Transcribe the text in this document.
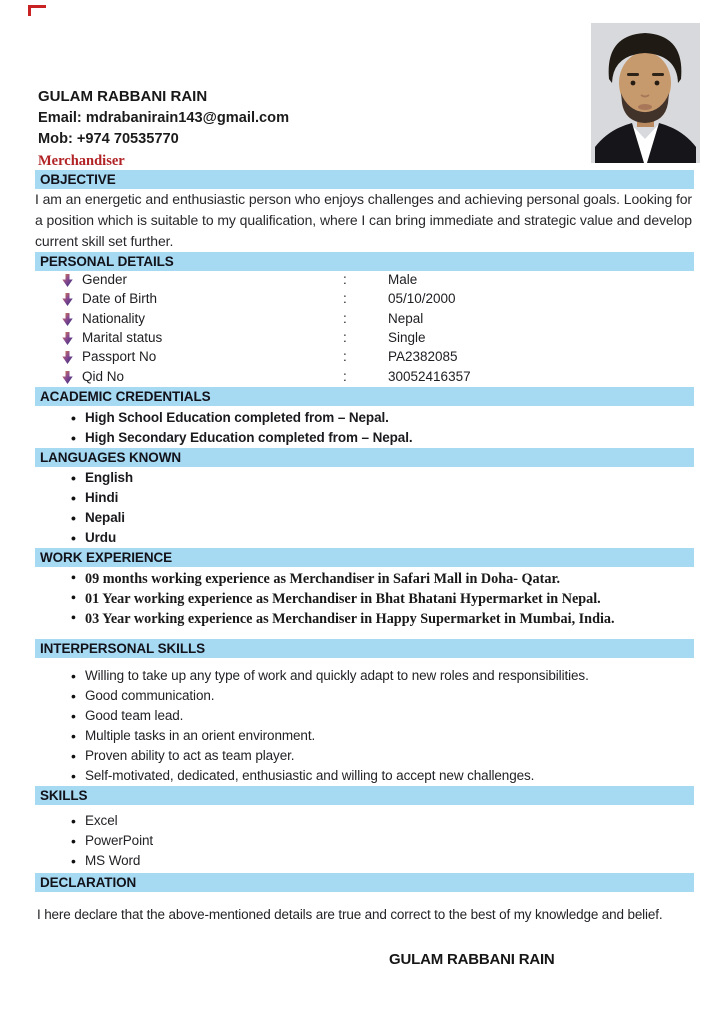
GULAM RABBANI RAIN
Email: mdrabanirain143@gmail.com
Mob: +974 70535770
Merchandiser
OBJECTIVE

I am an energetic and enthusiastic person who enjoys challenges and achieving personal goals. Looking for a position which is suitable to my qualification, where I can bring immediate and strategic value and develop current skill set further.

PERSONAL DETAILS
Gender	:	Male
Date of Birth	:	05/10/2000
Nationality	:	Nepal
Marital status	:	Single
Passport No	:	PA2382085
Qid No	:	30052416357
ACADEMIC CREDENTIALS
• High School Education completed from – Nepal.
• High Secondary Education completed from – Nepal.
LANGUAGES KNOWN
• English
• Hindi
• Nepali
• Urdu
WORK EXPERIENCE
• 09 months working experience as Merchandiser in Safari Mall in Doha- Qatar.
• 01 Year working experience as Merchandiser in Bhat Bhatani Hypermarket in Nepal.
• 03 Year working experience as Merchandiser in Happy Supermarket in Mumbai, India.
INTERPERSONAL SKILLS
• Willing to take up any type of work and quickly adapt to new roles and responsibilities.
• Good communication.
• Good team lead.
• Multiple tasks in an orient environment.
• Proven ability to act as team player.
• Self-motivated, dedicated, enthusiastic and willing to accept new challenges.
SKILLS
• Excel
• PowerPoint
• MS Word
DECLARATION

I here declare that the above-mentioned details are true and correct to the best of my knowledge and belief.

GULAM RABBANI RAIN
